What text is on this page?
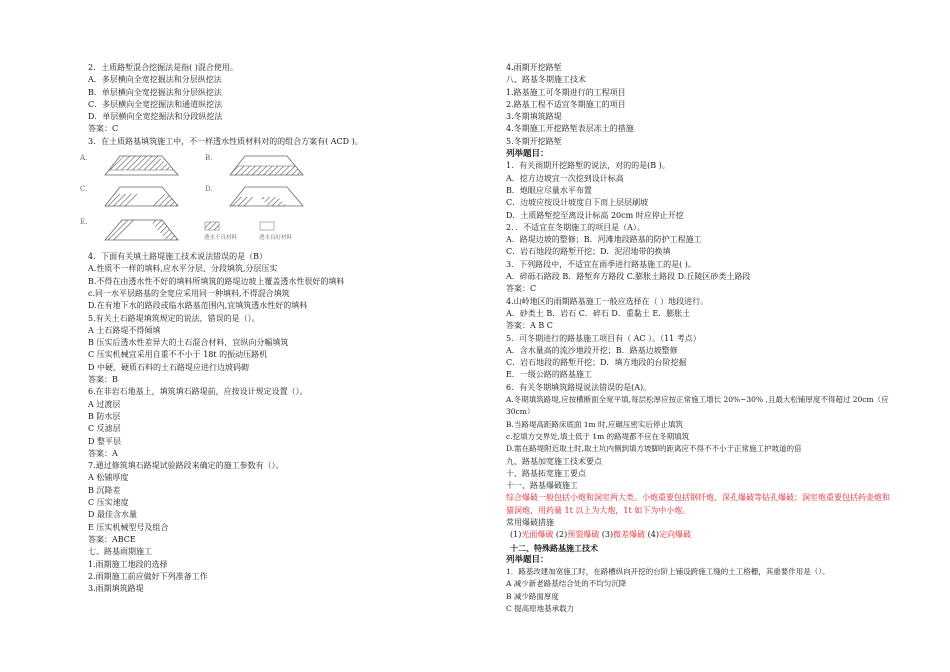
2．土质路堑混合挖掘法是指( )混合使用。
A．多层横向全宽挖掘法和分层纵挖法
B．单层横向全宽挖掘法和分层纵挖法
C．多层横向全宽挖掘法和通道纵挖法
D．单层横向全宽挖掘法和分段纵挖法
答案：C
3．在土质路基填筑施工中，不一样透水性质材料对的的组合方案有( ACD )。
A.	B.
C.	D.
E.
透水不良材料	透水良好材料
4．下面有关填土路堤施工技术说法错误的是（B）
A.性质不一样的填料,应水平分层、分段填筑,分层压实
B.不得在由透水性不好的填料所填筑的路堤边坡上覆盖透水性很好的填料
c.同一水平层路基的全宽应采用同一种填料,不得混合填筑
D.在有地下水的路段或临水路基范围内,宜填筑透水性好的填料
5.有关土石路堤填筑规定的说法，错误的是（）。
A 土石路堤不得倾填
B 压实后透水性差异大的土石混合材料，宜纵向分幅填筑
C 压实机械宜采用自重不不小于 18t 的振动压路机
D 中硬、硬质石料的土石路堤应进行边坡码砌
答案：B
6.在非岩石地基上，填筑填石路堤前，应按设计规定设置（）。
A 过渡层
B 防水层
C 反滤层
D 整平层
答案：A
7.通过修筑填石路堤试验路段来确定的施工参数有（）。
A 松铺厚度
B 沉降差
C 压实速度
D 最佳含水量
E 压实机械型号及组合
答案：ABCE
七、路基雨期施工
1.雨期施工地段的选择
2.雨期施工前应做好下列准备工作
3.雨期填筑路堤
4.雨期开挖路堑
八、路基冬期施工技术
1.路基施工可冬期进行的工程项目
2.路基工程不适宜冬期施工的项目
3.冬期填筑路堤
4.冬期施工开挖路堑表层冻土的措施
5.冬期开挖路堑
列举题目：
1．有关雨期开挖路堑的说法，对的的是(B )。
A．挖方边坡宜一次挖到设计标高
B．炮眼应尽量水平布置
C．边坡应按设计坡度自下而上层层刷坡
D．土质路堑挖至离设计标高 20cm 时应停止开挖
2．．不适宜在冬期施工的项目是（A）。
A．路堤边坡的整修；B．河滩地段路基的防护工程施工
C．岩石地段的路堑开挖；D．泥沼地带的换填
3．下列路段中，不适宜在雨季进行路基施工的是( )。
A．碎砾石路段 B．路堑弃方路段 C.膨胀土路段 D.丘陵区砂类土路段
答案：C
4.山岭地区的雨期路基施工一般应选择在（ ）地段进行。
A．砂类土 B．岩石 C．碎石 D．重黏土 E．膨胀土
答案：A B C
5．可冬期进行的路基施工项目有（ AC ）。（11 考点）
A．含水量高的流沙地段开挖；B．路基边坡整修
C．岩石地段的路堑开挖；D．填方地段的台阶挖掘
E．一级公路的路基施工
6．有关冬期填筑路堤说法错误的是(A)。
A.冬期填筑路堤,应按横断面全宽平填,每层松厚应按正常施工增长 20%~30% ,且最大松铺厚度不得超过 20cm（应 30cm）
B.当路堤高距路床底面 1m 时,应碾压密实后停止填筑
c.挖填方交界处,填土低于 1m 的路堤都不应在冬期填筑
D.需在路堤附近取土时,取土坑内侧到填方坡脚的距离应不得不不小于正常施工护坡道的倍
九、路基加宽施工技术要点
十、路基拓宽施工要点
十一、路基爆破施工
综合爆破一般包括小炮和洞室两大类。小炮重要包括钢钎炮、深孔爆破等钻孔爆破；洞室炮重要包括药壶炮和猫洞炮，用药量 1t 以上为大炮，1t 如下为中小炮。
常用爆破措施
(1)光面爆破 (2)预裂爆破 (3)微差爆破 (4)定向爆破
十二、特殊路基施工技术
列举题目：
1．路基改建加宽施工时，在路槽纵向开挖的台阶上铺设跨施工缝的土工格栅，其重要作用是（）。
A 减少新老路基结合处的不均匀沉降
B 减少路面厚度
C 提高原地基承载力
